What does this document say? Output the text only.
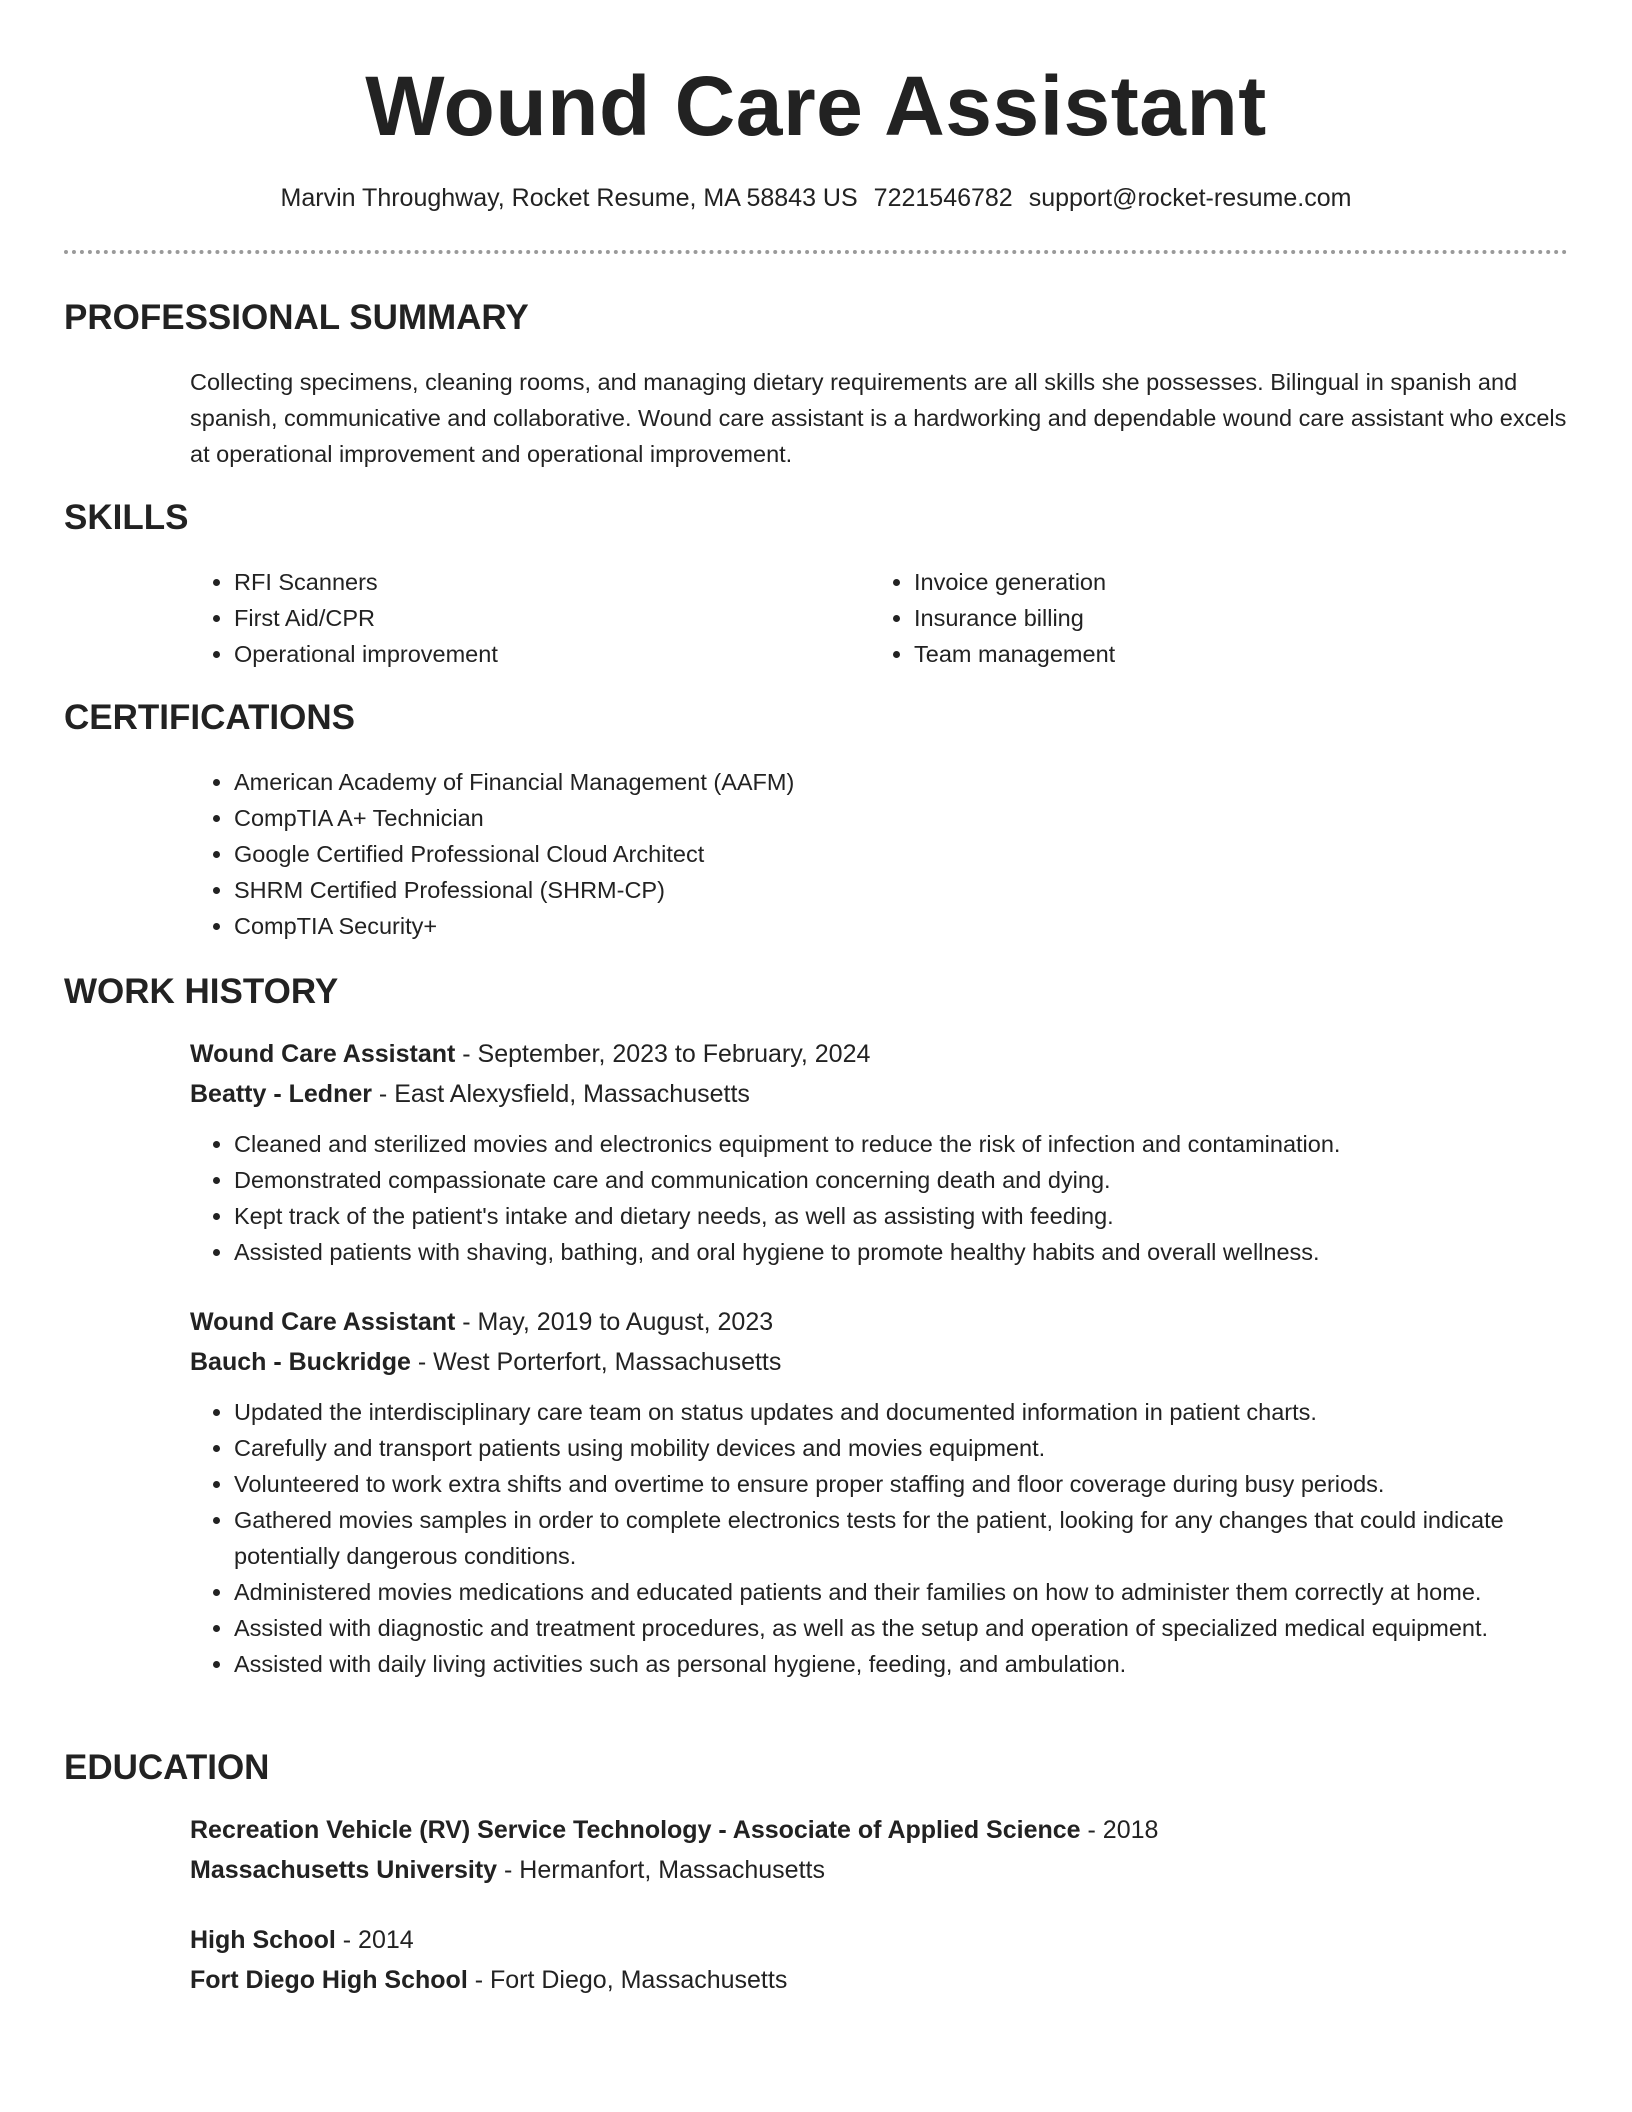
Wound Care Assistant
Marvin Throughway, Rocket Resume, MA 58843 US 7221546782 support@rocket-resume.com
PROFESSIONAL SUMMARY

Collecting specimens, cleaning rooms, and managing dietary requirements are all skills she possesses. Bilingual in spanish and spanish, communicative and collaborative. Wound care assistant is a hardworking and dependable wound care assistant who excels at operational improvement and operational improvement.

SKILLS
• RFI Scanners
• First Aid/CPR
• Operational improvement
• Invoice generation
• Insurance billing
• Team management
CERTIFICATIONS
• American Academy of Financial Management (AAFM)
• CompTIA A+ Technician
• Google Certified Professional Cloud Architect
• SHRM Certified Professional (SHRM-CP)
• CompTIA Security+
WORK HISTORY
Wound Care Assistant - September, 2023 to February, 2024
Beatty - Ledner - East Alexysfield, Massachusetts
• Cleaned and sterilized movies and electronics equipment to reduce the risk of infection and contamination.
• Demonstrated compassionate care and communication concerning death and dying.
• Kept track of the patient's intake and dietary needs, as well as assisting with feeding.
• Assisted patients with shaving, bathing, and oral hygiene to promote healthy habits and overall wellness.
Wound Care Assistant - May, 2019 to August, 2023
Bauch - Buckridge - West Porterfort, Massachusetts
• Updated the interdisciplinary care team on status updates and documented information in patient charts.
• Carefully and transport patients using mobility devices and movies equipment.
• Volunteered to work extra shifts and overtime to ensure proper staffing and floor coverage during busy periods.
• Gathered movies samples in order to complete electronics tests for the patient, looking for any changes that could indicate potentially dangerous conditions.
• Administered movies medications and educated patients and their families on how to administer them correctly at home.
• Assisted with diagnostic and treatment procedures, as well as the setup and operation of specialized medical equipment.
• Assisted with daily living activities such as personal hygiene, feeding, and ambulation.
EDUCATION
Recreation Vehicle (RV) Service Technology - Associate of Applied Science - 2018
Massachusetts University - Hermanfort, Massachusetts
High School - 2014
Fort Diego High School - Fort Diego, Massachusetts
